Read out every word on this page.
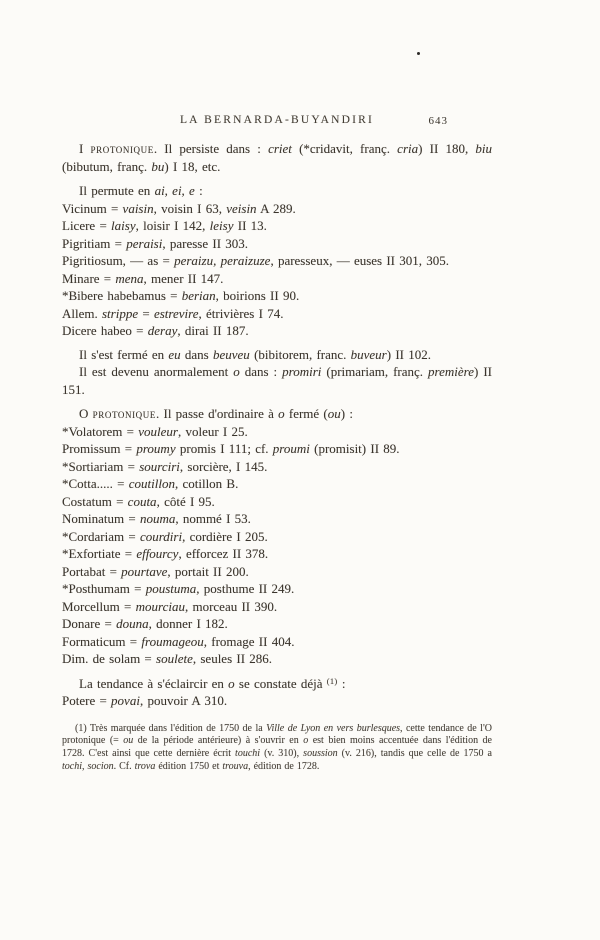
LA BERNARDA-BUYANDIRI	643
I protonique. Il persiste dans : criet (*cridavit, franç. cria) II 180, biu (bibutum, franç. bu) I 18, etc.
Il permute en ai, ei, e :
Vicinum = vaisin, voisin I 63, veisin A 289.
Licere = laisy, loisir I 142, leisy II 13.
Pigritiam = peraisi, paresse II 303.
Pigritiosum, — as = peraizu, peraizuze, paresseux, — euses II 301, 305.
Minare = mena, mener II 147.
*Bibere habebamus = berian, boirions II 90.
Allem. strippe = estrevire, étrivières I 74.
Dicere habeo = deray, dirai II 187.
Il s'est fermé en eu dans beuveu (bibitorem, franc. buveur) II 102.
Il est devenu anormalement o dans : promiri (primariam, franç. première) II 151.
O protonique. Il passe d'ordinaire à o fermé (ou) :
*Volatorem = vouleur, voleur I 25.
Promissum = proumy promis I 111; cf. proumi (promisit) II 89.
*Sortiariam = sourciri, sorcière, I 145.
*Cotta..... = coutillon, cotillon B.
Costatum = couta, côté I 95.
Nominatum = nouma, nommé I 53.
*Cordariam = courdiri, cordière I 205.
*Exfortiate = effourcy, efforcez II 378.
Portabat = pourtave, portait II 200.
*Posthumam = poustuma, posthume II 249.
Morcellum = mourciau, morceau II 390.
Donare = douna, donner I 182.
Formaticum = froumageou, fromage II 404.
Dim. de solam = soulete, seules II 286.
La tendance à s'éclaircir en o se constate déjà $^{(1)}$ :
Potere = povai, pouvoir A 310.
(1) Très marquée dans l'édition de 1750 de la Ville de Lyon en vers burlesques, cette tendance de l'O protonique (= ou de la période antérieure) à s'ouvrir en o est bien moins accentuée dans l'édition de 1728. C'est ainsi que cette dernière écrit touchi (v. 310), soussion (v. 216), tandis que celle de 1750 a tochi, socion. Cf. trova édition 1750 et trouva, édition de 1728.
